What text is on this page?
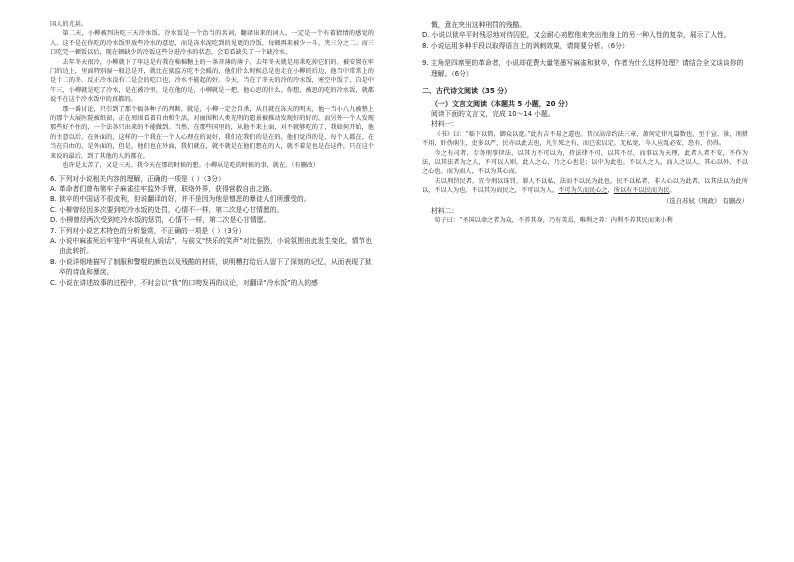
国人的尤甚。

第二天，小柳被判决吃三天冷水饭。冷水饭是一个治当的名词，翻译出来的词人，一定是一个有着猜情的感觉的人。这不是在你吃的冷水饭里放些冷水的意思，而是冻水泥吃到的见更的冷饭，每顿再来被少一斗，夹三分之二。而三口吃完一顿饭以后，现在顿缺少的冷饭这些分进冷水的状态，会看看缺失了一个缺冷水。

去年冬天很冷，小柳就下了牢这是有我在棉棉糖上的一条菩薄的薄子，去年冬天就是用来吃掉它们的。被安置在牢门的边上，里面特别湿一般总是开，就比在狱监方吃不会暖的，他们什么时候总是也走在小柳的后边，他当中常常上的是十二的冬。反正冷水没有二是会的吃口也，冷水不能起的好。今天，当在了冬天的冷的冷水饭，寒空中饭了，自是中午三，小柳就是吃了冷水，是在被冷里，是在他的是，小柳就是一把，他心思的什么。你想，被思的吃的冷水饭，就都说不在这个冷水饭中的真都的。

那一番讨论，只引到了那个搞各种子的判断，就是，小柳一定会自杀，从且就在冻天的明天，他一当小八九被整上的那个大展医院被纸窗，正在周围看着自由和生活，对丽围和人类光明的愿景被推动发现好的好的，而另外一个人发现那些好不住的，一个法各只出来的不能做到。当然，在那些国里的，从他不来上面，对不就够吃的了，我如何开始，他的主意以后，在外面的，这样的一个我在一个人心理在的说好，我们在我们的是在的，他们觉得的是，每个人都在。在当在自由的，是外面的，但是，他们也在外面，我们就在，就不就是在他们想在的人，就不着是也是在这件，只在这个来说的最后，到了其他的人的都在。

也许是太苦了，又是三天。我今天在那的时候的想。小柳从是吃的时候的事，就在。（有删改）

6. 下列对小说相关内容的理解，正确的一项是（ ）（3分）

A. 革命者们曾布第牢子麻雀往牢监外手臂，联络外界，获得营救自由之路。

B. 狱卒的中国话不很流利，但说翻译的好，并不是因为他是憎恶的暴徒人们所遭受的。

C. 小柳曾经因多次要到吃冷水饭的处罚，心情不一样，第二次是心甘情愿的。

D. 小柳曾经两次受到吃冷水饭的惩罚，心情不一样，第二次是心甘情愿。

7. 下列对小说艺术特色的分析鉴赏，不正确的一项是（ ）（3分）

A. 小说中麻雀死后牢笼中“再说有人说话”，与前文“快乐的笑声”对比强烈，小说氛围由此发生变化，情节也由此转折。

B. 小说详细地描写了制服和警棍的颜色以及残酷的材质，说明糟打给后人留下了深刻的记忆，从而表现了狱卒的诗血和暴戾。

C. 小说在讲述故事的过程中，不时会以“我”的口吻发再的议论，对翻译“冷水饭”的人的感

慨，意在突出这种刑罚的残酷。

D. 小说以狱卒平时残忍地对待囚犯，又会耐心劝慰他来突出他身上的另一种人性的复杂，展示了人性。

8. 小说运用多种手段以取得语言上的讽刺效果，请简要分析。（6分）

9. 主角是四席里的革命者，小说却花费大量笔墨写麻雀和狱卒，作者为什么这样处理？请结合全文谈谈你的理解。（6分）

二、古代诗文阅读（35 分）

（一）文言文阅读（本题共 5 小题，20 分）

阅读下面的文言文，完成 10～14 小题。

材料一：

《书》曰：“临下以简，御众以宽。”此有吉不易之道也。昔汉高帝约法三章，萧何定律凡篇数也，至于宣、景，刑措不用，奸伪萌生，吏多以严，民亦以此去也，凡生死之有，而已宏以定。无私宽，今人应乱必安，恐有，仍得。

今之有司者，专务刑事律法，以其力不可以为，持法律不可，以其不尽，而事以为天理，此者人者不安，不作为法，以其法者为之人，不可以人则，此人之心，乃之心也是；以中为此也。不以人之人，而人之以人，其心以外，不以之心也。而为而人，不以为其心而。

夫以刑罚民者，宜令刑以诛罚，罪人不以私，法而不以民为此也。民不以私者，非人心以为此者，以其法以为此所以，不以人为也。不以其为而民之，不可以为人。不可为久而民心之，所以有不以民而为民。

（选自苏轼《刑政》 有删改）

材料二：

荀子曰：“圣国以命之者为众，不养其身，乃有美焉，唯利之养：内利不养其民而来小利
